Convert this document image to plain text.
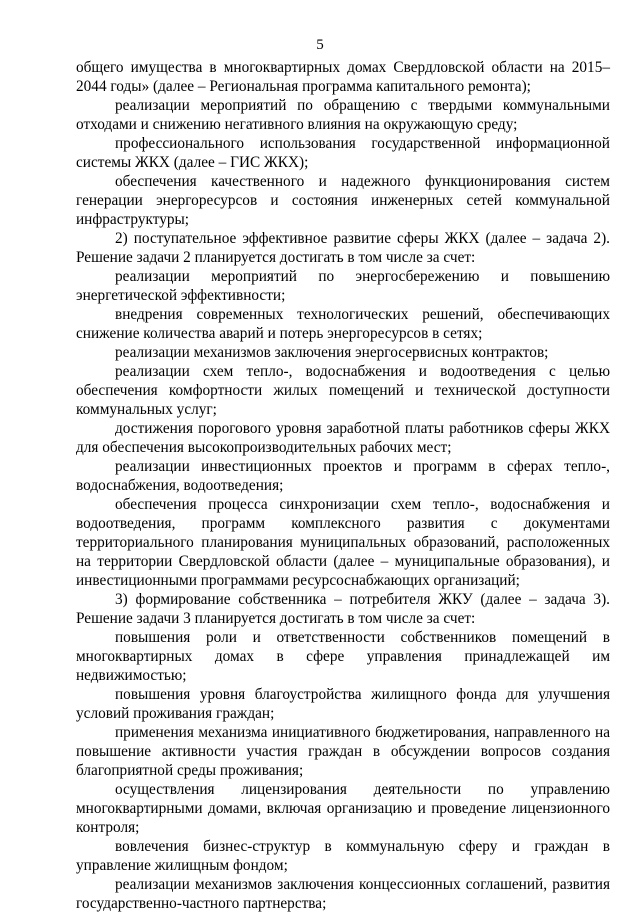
5

общего имущества в многоквартирных домах Свердловской области на 2015–2044 годы» (далее – Региональная программа капитального ремонта);

реализации мероприятий по обращению с твердыми коммунальными отходами и снижению негативного влияния на окружающую среду;

профессионального использования государственной информационной системы ЖКХ (далее – ГИС ЖКХ);

обеспечения качественного и надежного функционирования систем генерации энергоресурсов и состояния инженерных сетей коммунальной инфраструктуры;

2) поступательное эффективное развитие сферы ЖКХ (далее – задача 2). Решение задачи 2 планируется достигать в том числе за счет:

реализации мероприятий по энергосбережению и повышению энергетической эффективности;

внедрения современных технологических решений, обеспечивающих снижение количества аварий и потерь энергоресурсов в сетях;

реализации механизмов заключения энергосервисных контрактов;

реализации схем тепло-, водоснабжения и водоотведения с целью обеспечения комфортности жилых помещений и технической доступности коммунальных услуг;

достижения порогового уровня заработной платы работников сферы ЖКХ для обеспечения высокопроизводительных рабочих мест;

реализации инвестиционных проектов и программ в сферах тепло-, водоснабжения, водоотведения;

обеспечения процесса синхронизации схем тепло-, водоснабжения и водоотведения, программ комплексного развития с документами территориального планирования муниципальных образований, расположенных на территории Свердловской области (далее – муниципальные образования), и инвестиционными программами ресурсоснабжающих организаций;

3) формирование собственника – потребителя ЖКУ (далее – задача 3). Решение задачи 3 планируется достигать в том числе за счет:

повышения роли и ответственности собственников помещений в многоквартирных домах в сфере управления принадлежащей им недвижимостью;

повышения уровня благоустройства жилищного фонда для улучшения условий проживания граждан;

применения механизма инициативного бюджетирования, направленного на повышение активности участия граждан в обсуждении вопросов создания благоприятной среды проживания;

осуществления лицензирования деятельности по управлению многоквартирными домами, включая организацию и проведение лицензионного контроля;

вовлечения бизнес-структур в коммунальную сферу и граждан в управление жилищным фондом;

реализации механизмов заключения концессионных соглашений, развития государственно-частного партнерства;
